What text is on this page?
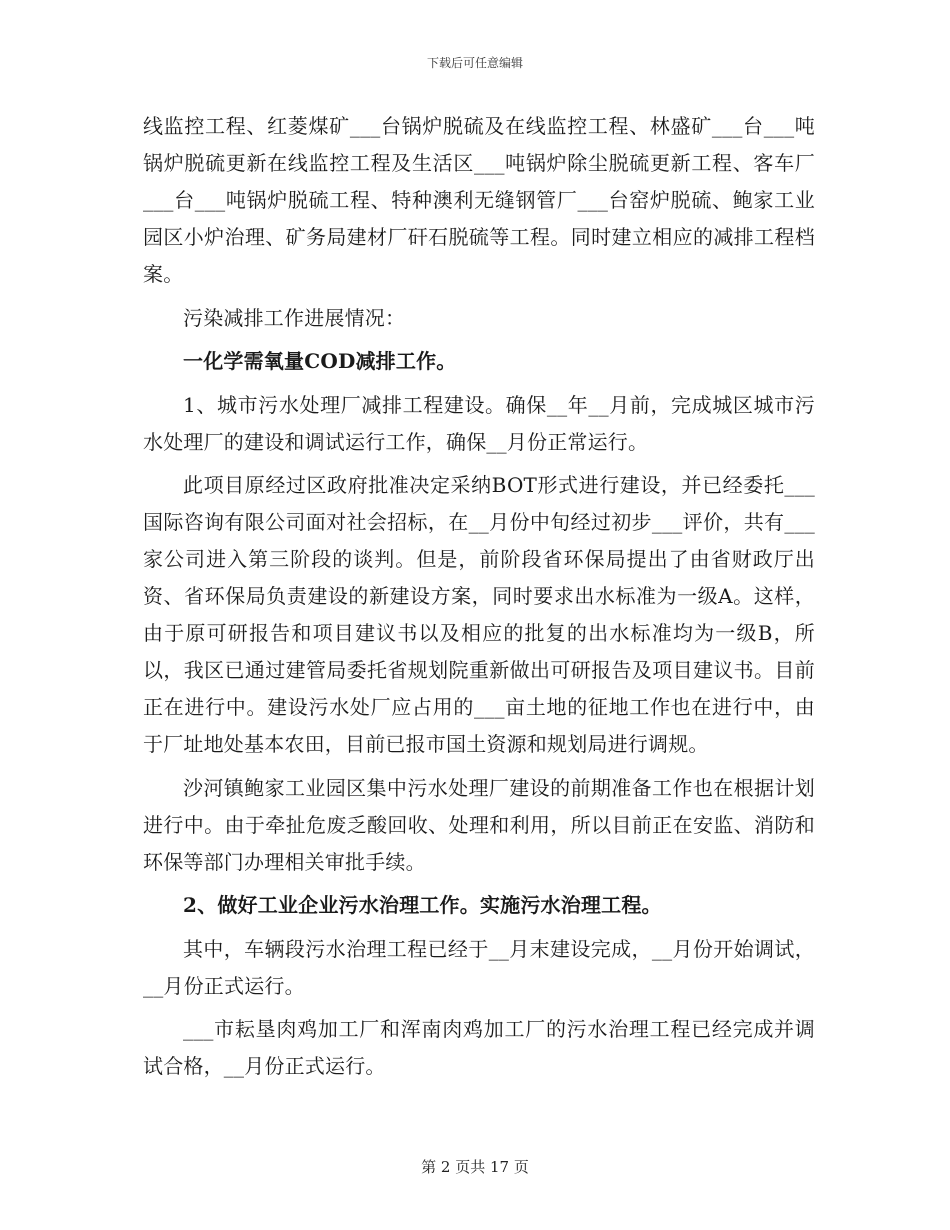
下载后可任意编辑

线监控工程、红菱煤矿___台锅炉脱硫及在线监控工程、林盛矿___台___吨锅炉脱硫更新在线监控工程及生活区___吨锅炉除尘脱硫更新工程、客车厂___台___吨锅炉脱硫工程、特种澳利无缝钢管厂___台窑炉脱硫、鲍家工业园区小炉治理、矿务局建材厂矸石脱硫等工程。同时建立相应的减排工程档案。

污染减排工作进展情况：

一化学需氧量COD减排工作。

1、城市污水处理厂减排工程建设。确保__年__月前，完成城区城市污水处理厂的建设和调试运行工作，确保__月份正常运行。

此项目原经过区政府批准决定采纳BOT形式进行建设，并已经委托___国际咨询有限公司面对社会招标，在__月份中旬经过初步___评价，共有___家公司进入第三阶段的谈判。但是，前阶段省环保局提出了由省财政厅出资、省环保局负责建设的新建设方案，同时要求出水标准为一级A。这样，由于原可研报告和项目建议书以及相应的批复的出水标准均为一级B，所以，我区已通过建管局委托省规划院重新做出可研报告及项目建议书。目前正在进行中。建设污水处厂应占用的___亩土地的征地工作也在进行中，由于厂址地处基本农田，目前已报市国土资源和规划局进行调规。

沙河镇鲍家工业园区集中污水处理厂建设的前期准备工作也在根据计划进行中。由于牵扯危废乏酸回收、处理和利用，所以目前正在安监、消防和环保等部门办理相关审批手续。

2、做好工业企业污水治理工作。实施污水治理工程。

其中，车辆段污水治理工程已经于__月末建设完成，__月份开始调试，__月份正式运行。

___市耘垦肉鸡加工厂和浑南肉鸡加工厂的污水治理工程已经完成并调试合格，__月份正式运行。

第 2 页共 17 页
